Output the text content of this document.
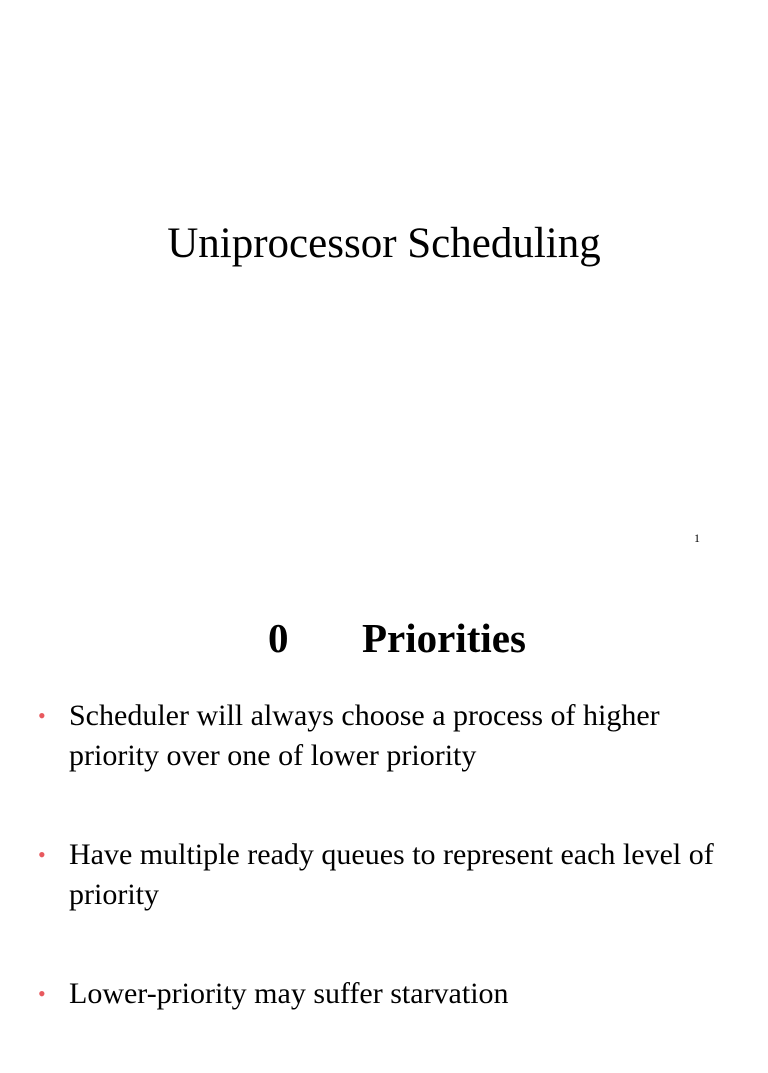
Uniprocessor Scheduling
1
0 Priorities
• Scheduler will always choose a process of higher priority over one of lower priority
• Have multiple ready queues to represent each level of priority
• Lower-priority may suffer starvation
